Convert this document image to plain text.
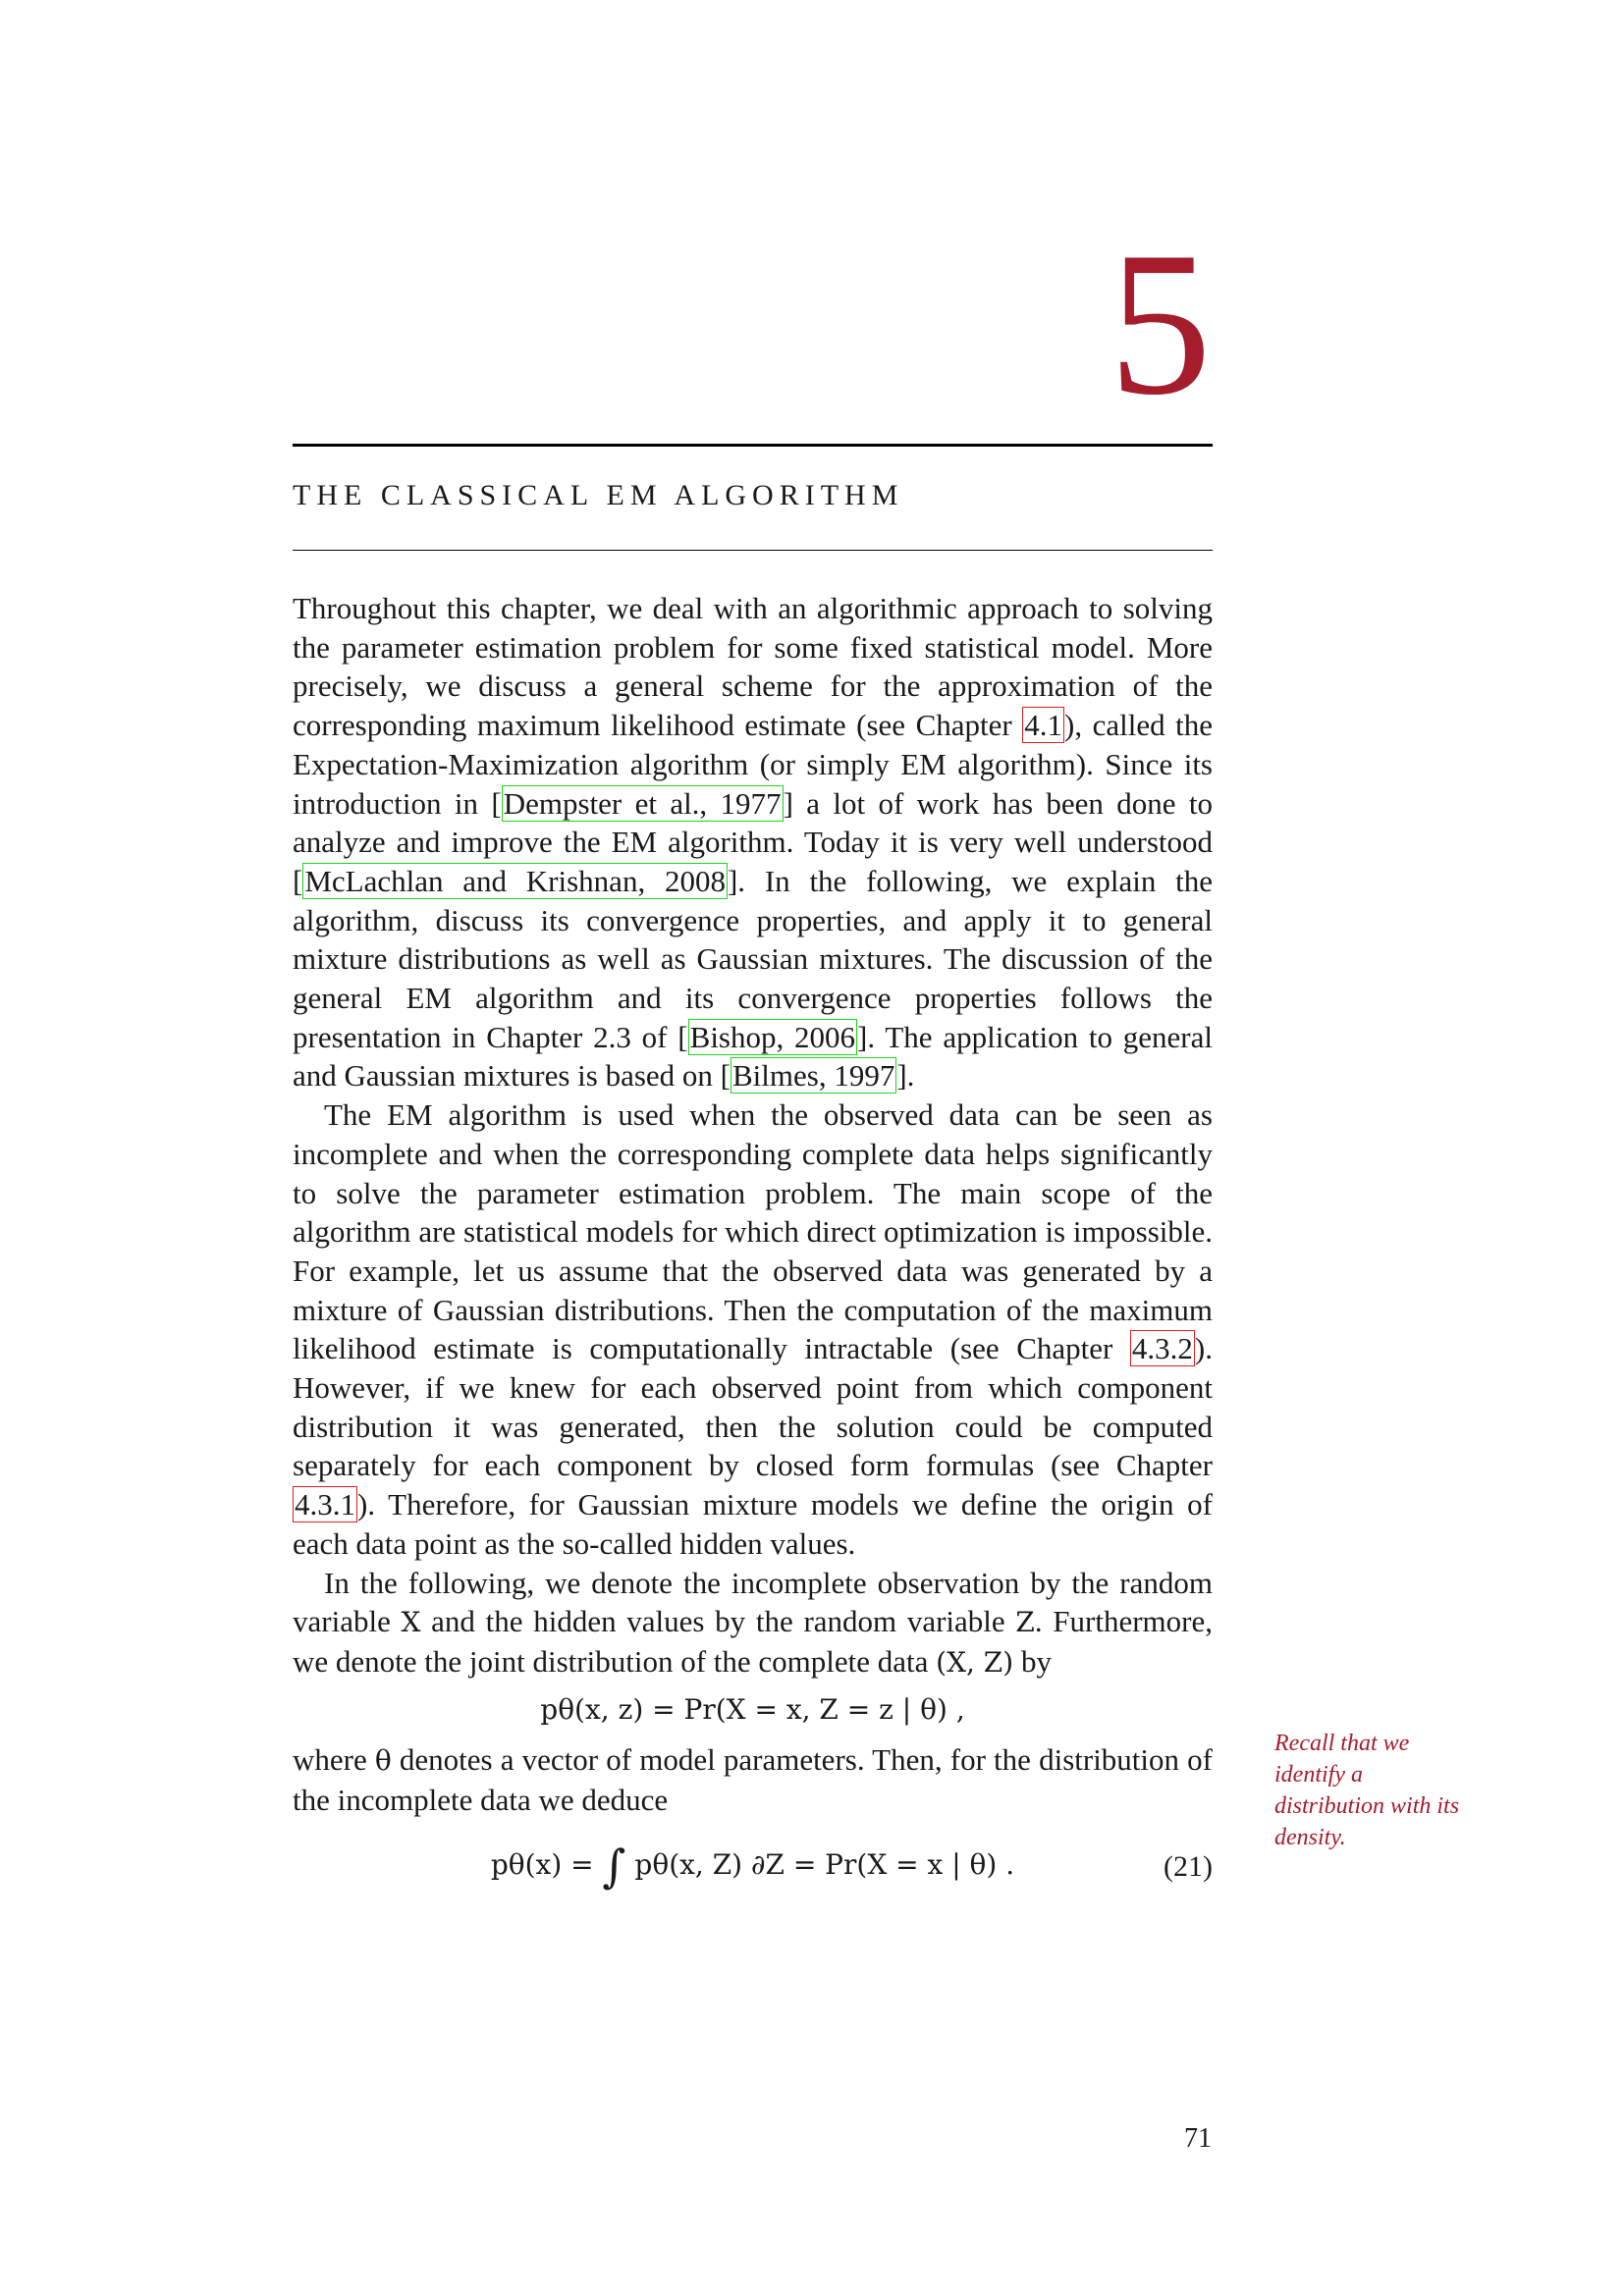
5
THE CLASSICAL EM ALGORITHM

Throughout this chapter, we deal with an algorithmic approach to solving the parameter estimation problem for some fixed statistical model. More precisely, we discuss a general scheme for the approximation of the corresponding maximum likelihood estimate (see Chapter 4.1), called the Expectation-Maximization algorithm (or simply EM algorithm). Since its introduction in [Dempster et al., 1977] a lot of work has been done to analyze and improve the EM algorithm. Today it is very well understood [McLachlan and Krishnan, 2008]. In the following, we explain the algorithm, discuss its convergence properties, and apply it to general mixture distributions as well as Gaussian mixtures. The discussion of the general EM algorithm and its convergence properties follows the presentation in Chapter 2.3 of [Bishop, 2006]. The application to general and Gaussian mixtures is based on [Bilmes, 1997].

The EM algorithm is used when the observed data can be seen as incomplete and when the corresponding complete data helps significantly to solve the parameter estimation problem. The main scope of the algorithm are statistical models for which direct optimization is impossible. For example, let us assume that the observed data was generated by a mixture of Gaussian distributions. Then the computation of the maximum likelihood estimate is computationally intractable (see Chapter 4.3.2). However, if we knew for each observed point from which component distribution it was generated, then the solution could be computed separately for each component by closed form formulas (see Chapter 4.3.1). Therefore, for Gaussian mixture models we define the origin of each data point as the so-called hidden values.

In the following, we denote the incomplete observation by the random variable X and the hidden values by the random variable Z. Furthermore, we denote the joint distribution of the complete data (X, Z) by

pθ(x, z) = Pr(X = x, Z = z | θ) ,

where θ denotes a vector of model parameters. Then, for the distribution of the incomplete data we deduce

pθ(x) = ∫ pθ(x, Z) ∂Z = Pr(X = x | θ) .	(21)
Recall that we identify a distribution with its density.
71
